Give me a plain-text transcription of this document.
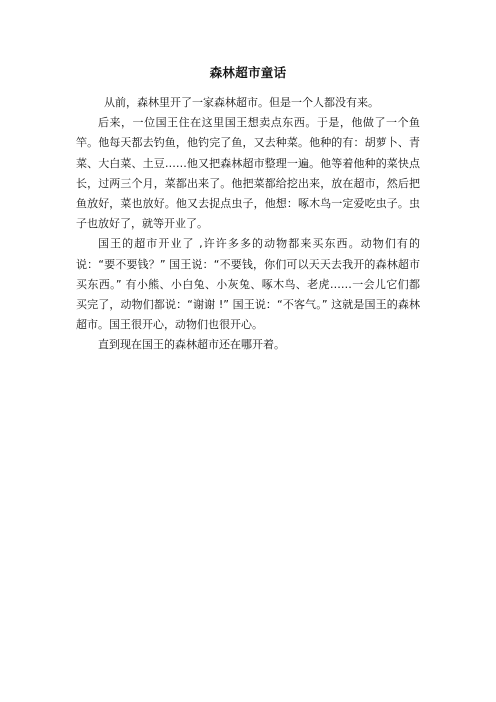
森林超市童话

从前，森林里开了一家森林超市。但是一个人都没有来。

后来，一位国王住在这里国王想卖点东西。于是，他做了一个鱼竿。他每天都去钓鱼，他钓完了鱼，又去种菜。他种的有：胡萝卜、青菜、大白菜、土豆……他又把森林超市整理一遍。他等着他种的菜快点长，过两三个月，菜都出来了。他把菜都给挖出来，放在超市，然后把鱼放好，菜也放好。他又去捉点虫子，他想：啄木鸟一定爱吃虫子。虫子也放好了，就等开业了。

国王的超市开业了 ,许许多多的动物都来买东西。动物们有的说：“要不要钱？” 国王说：“不要钱，你们可以天天去我开的森林超市买东西。” 有小熊、小白兔、小灰兔、啄木鸟、老虎……一会儿它们都买完了，动物们都说：“谢谢 !” 国王说：“不客气。” 这就是国王的森林超市。国王很开心，动物们也很开心。

直到现在国王的森林超市还在哪开着。
